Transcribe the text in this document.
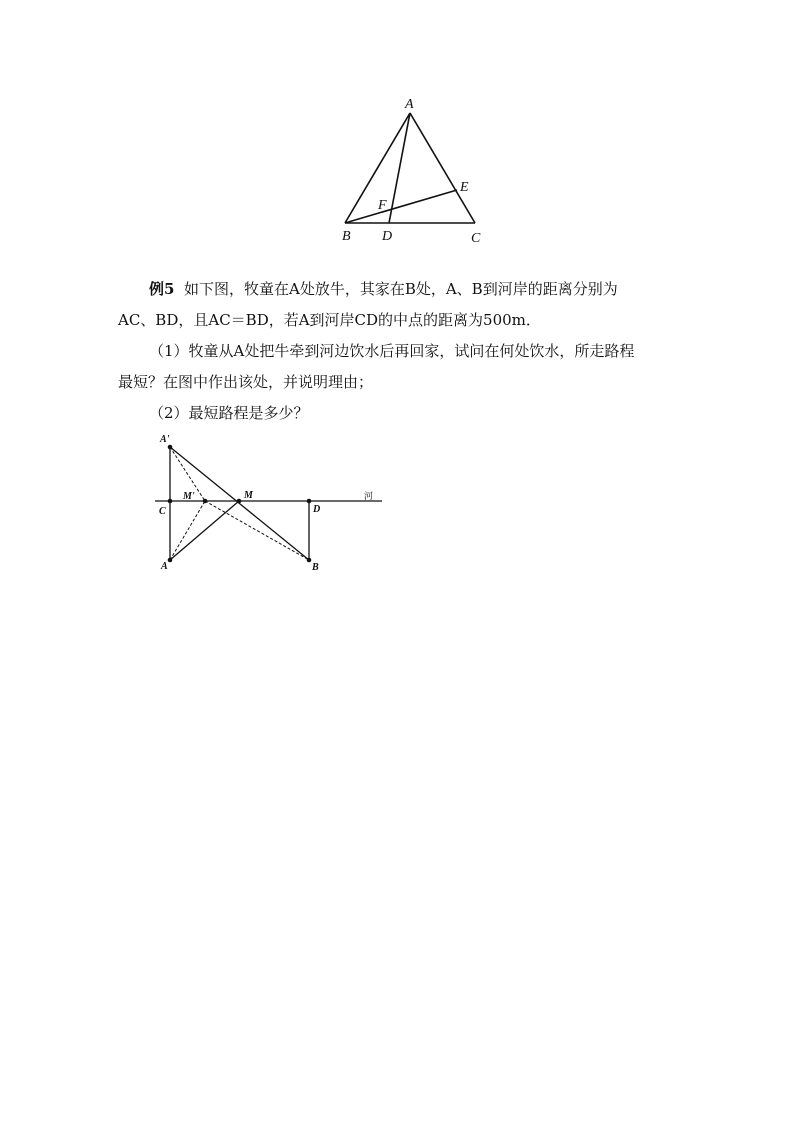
A
B	C
D
E
F
例5 如下图，牧童在A处放牛，其家在B处，A、B到河岸的距离分别为
AC、BD，且AC＝BD，若A到河岸CD的中点的距离为500m．
（1）牧童从A处把牛牵到河边饮水后再回家，试问在何处饮水，所走路程
最短？在图中作出该处，并说明理由；
（2）最短路程是多少？
A'
M'	M
C	D
A	B
河
